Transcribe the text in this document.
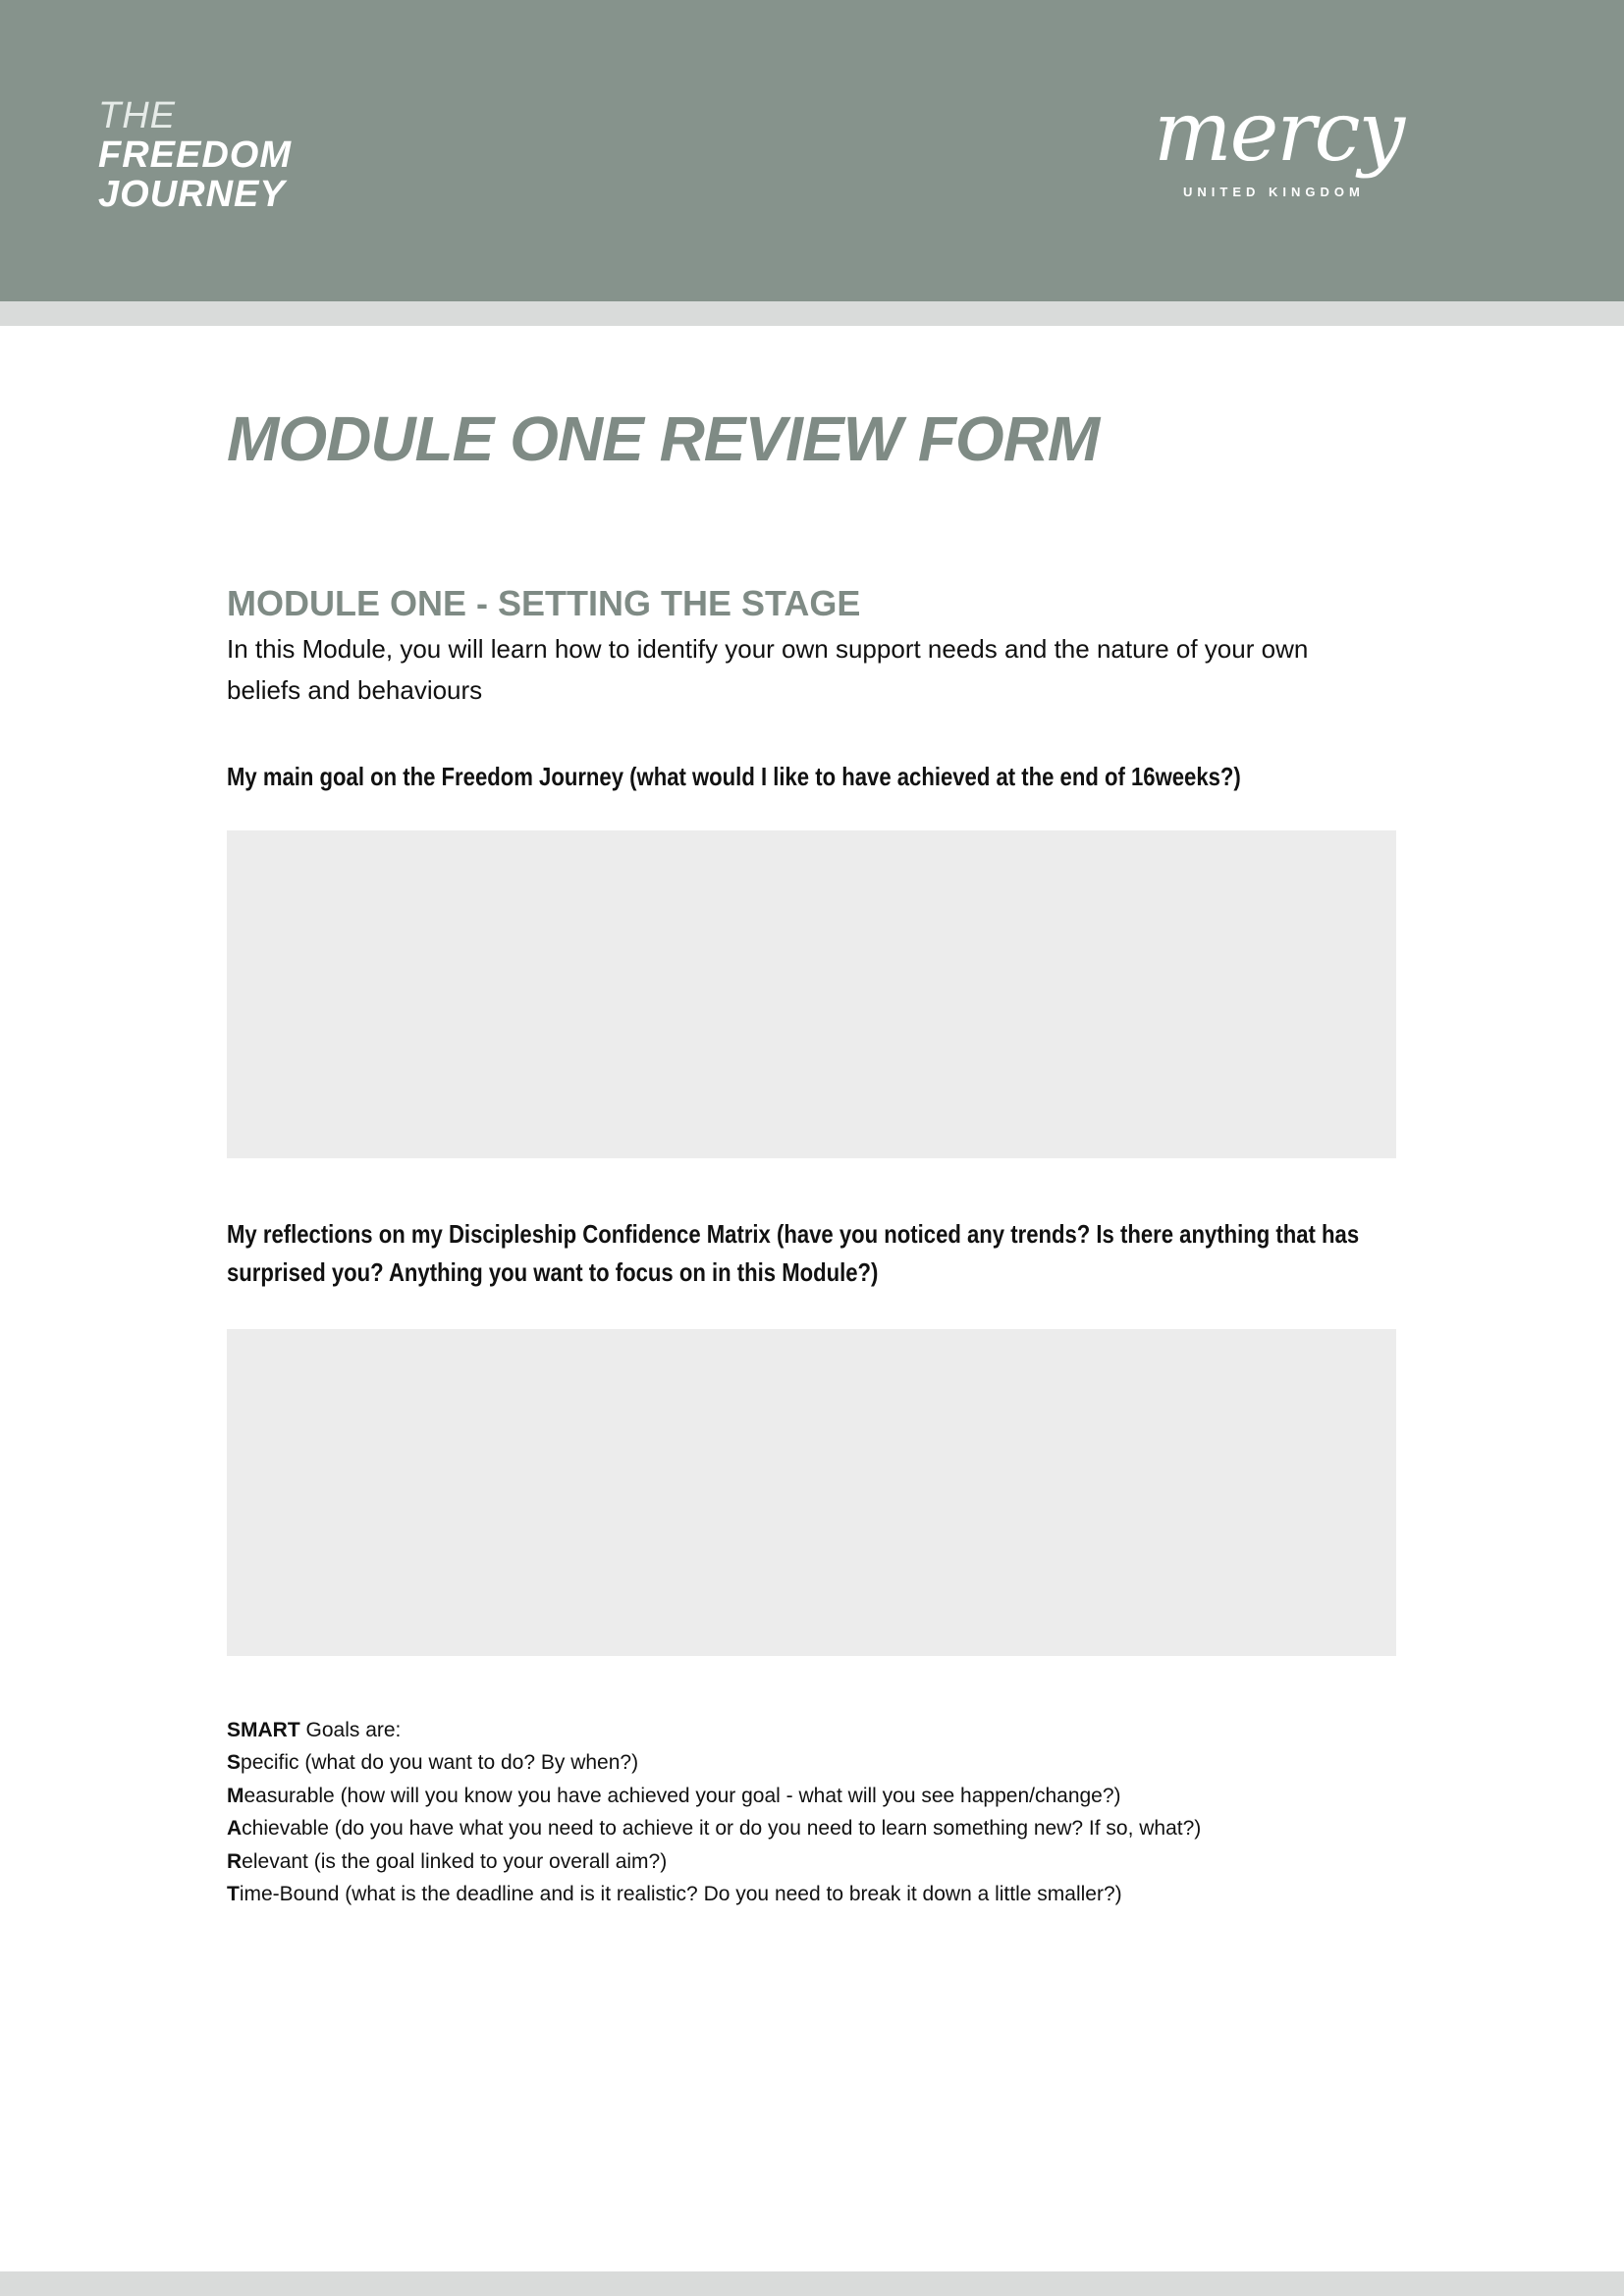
THE
FREEDOM
JOURNEY
mercy
UNITED KINGDOM
MODULE ONE REVIEW FORM
MODULE ONE - SETTING THE STAGE

In this Module, you will learn how to identify your own support needs and the nature of your own beliefs and behaviours

My main goal on the Freedom Journey (what would I like to have achieved at the end of 16weeks?)

My reflections on my Discipleship Confidence Matrix (have you noticed any trends? Is there anything that has surprised you? Anything you want to focus on in this Module?)

SMART Goals are:
Specific (what do you want to do? By when?)
Measurable (how will you know you have achieved your goal - what will you see happen/change?)
Achievable (do you have what you need to achieve it or do you need to learn something new? If so, what?)
Relevant (is the goal linked to your overall aim?)
Time-Bound (what is the deadline and is it realistic? Do you need to break it down a little smaller?)
